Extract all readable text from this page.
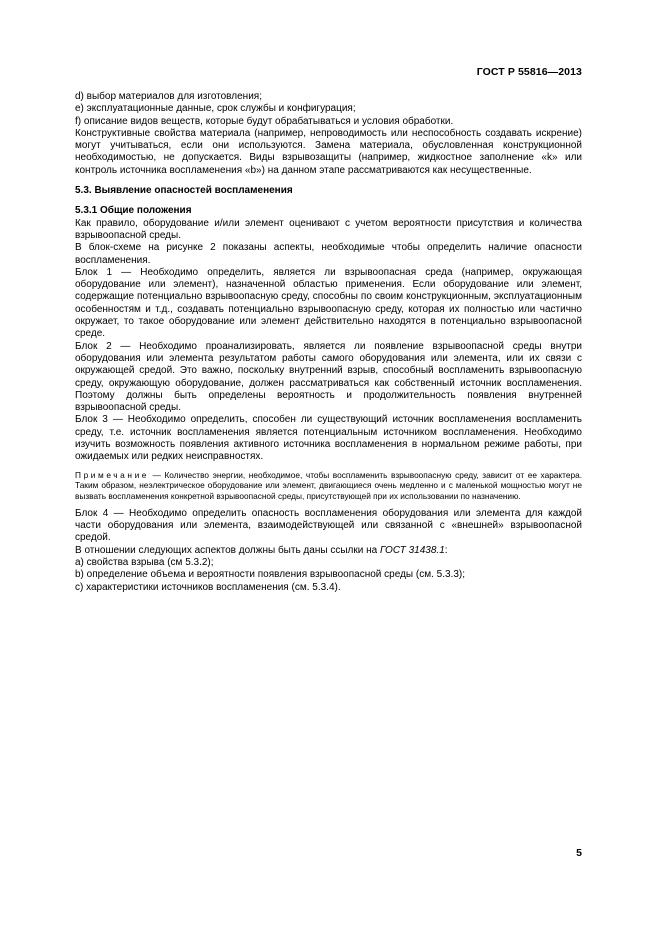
ГОСТ Р 55816—2013

d) выбор материалов для изготовления;

e) эксплуатационные данные, срок службы и конфигурация;

f) описание видов веществ, которые будут обрабатываться и условия обработки.

Конструктивные свойства материала (например, непроводимость или неспособность создавать искрение) могут учитываться, если они используются. Замена материала, обусловленная конструкционной необходимостью, не допускается. Виды взрывозащиты (например, жидкостное заполнение «k» или контроль источника воспламенения «b») на данном этапе рассматриваются как несущественные.

5.3. Выявление опасностей воспламенения

5.3.1 Общие положения

Как правило, оборудование и/или элемент оценивают с учетом вероятности присутствия и количества взрывоопасной среды.

В блок-схеме на рисунке 2 показаны аспекты, необходимые чтобы определить наличие опасности воспламенения.

Блок 1 — Необходимо определить, является ли взрывоопасная среда (например, окружающая оборудование или элемент), назначенной областью применения. Если оборудование или элемент, содержащие потенциально взрывоопасную среду, способны по своим конструкционным, эксплуатационным особенностям и т.д., создавать потенциально взрывоопасную среду, которая их полностью или частично окружает, то такое оборудование или элемент действительно находятся в потенциально взрывоопасной среде.

Блок 2 — Необходимо проанализировать, является ли появление взрывоопасной среды внутри оборудования или элемента результатом работы самого оборудования или элемента, или их связи с окружающей средой. Это важно, поскольку внутренний взрыв, способный воспламенить взрывоопасную среду, окружающую оборудование, должен рассматриваться как собственный источник воспламенения. Поэтому должны быть определены вероятность и продолжительность появления внутренней взрывоопасной среды.

Блок 3 — Необходимо определить, способен ли существующий источник воспламенения воспламенить среду, т.е. источник воспламенения является потенциальным источником воспламенения. Необходимо изучить возможность появления активного источника воспламенения в нормальном режиме работы, при ожидаемых или редких неисправностях.

Примечание — Количество энергии, необходимое, чтобы воспламенить взрывоопасную среду, зависит от ее характера. Таким образом, неэлектрическое оборудование или элемент, двигающиеся очень медленно и с маленькой мощностью могут не вызвать воспламенения конкретной взрывоопасной среды, присутствующей при их использовании по назначению.

Блок 4 — Необходимо определить опасность воспламенения оборудования или элемента для каждой части оборудования или элемента, взаимодействующей или связанной с «внешней» взрывоопасной средой.

В отношении следующих аспектов должны быть даны ссылки на ГОСТ 31438.1:

a) свойства взрыва (см 5.3.2);

b) определение объема и вероятности появления взрывоопасной среды (см. 5.3.3);

c) характеристики источников воспламенения (см. 5.3.4).

5
